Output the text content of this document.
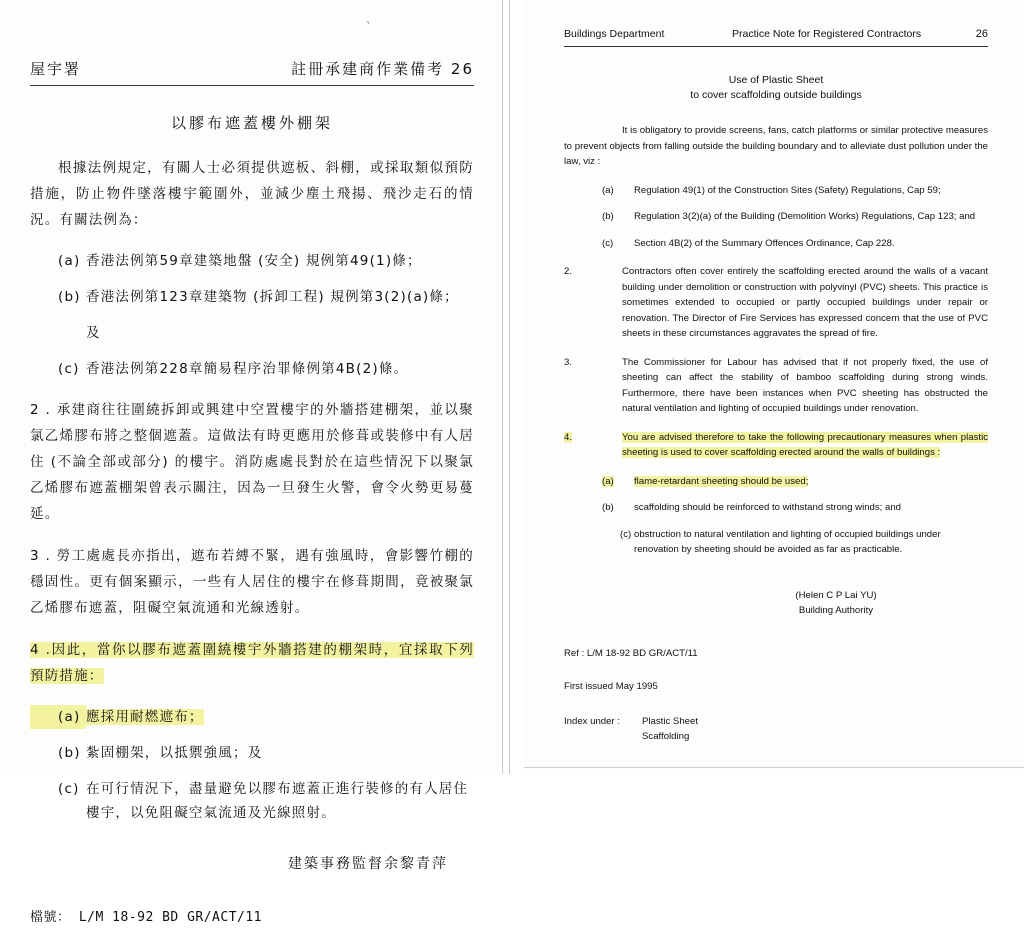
`
屋宇署	註冊承建商作業備考 26
以膠布遮蓋樓外棚架
根據法例規定，有關人士必須提供遮板、斜棚，或採取類似預防措施，防止物件墜落樓宇範圍外，並減少塵土飛揚、飛沙走石的情況。有關法例為：
(a) 香港法例第59章建築地盤 (安全) 規例第49(1)條；
(b) 香港法例第123章建築物 (拆卸工程) 規例第3(2)(a)條；
及
(c) 香港法例第228章簡易程序治罪條例第4B(2)條。
2 . 承建商往往圍繞拆卸或興建中空置樓宇的外牆搭建棚架，並以聚氯乙烯膠布將之整個遮蓋。這做法有時更應用於修葺或裝修中有人居住 (不論全部或部分) 的樓宇。消防處處長對於在這些情況下以聚氯乙烯膠布遮蓋棚架曾表示關注，因為一旦發生火警，會令火勢更易蔓延。
3 . 勞工處處長亦指出，遮布若縛不緊，遇有強風時，會影響竹棚的穩固性。更有個案顯示，一些有人居住的樓宇在修葺期間，竟被聚氯乙烯膠布遮蓋，阻礙空氣流通和光線透射。
4 .因此，當你以膠布遮蓋圍繞樓宇外牆搭建的棚架時，宜採取下列預防措施：
(a) 應採用耐燃遮布；
(b) 紮固棚架，以抵禦強風；及
(c) 在可行情況下，盡量避免以膠布遮蓋正進行裝修的有人居住樓宇，以免阻礙空氣流通及光線照射。
建築事務監督余黎青萍
檔號： L/M 18-92 BD GR/ACT/11
Buildings Department	Practice Note for Registered Contractors	26
Use of Plastic Sheet
to cover scaffolding outside buildings
It is obligatory to provide screens, fans, catch platforms or similar protective measures to prevent objects from falling outside the building boundary and to alleviate dust pollution under the law, viz :
(a)	Regulation 49(1) of the Construction Sites (Safety) Regulations, Cap 59;
(b)	Regulation 3(2)(a) of the Building (Demolition Works) Regulations, Cap 123; and
(c)	Section 4B(2) of the Summary Offences Ordinance, Cap 228.
2.	Contractors often cover entirely the scaffolding erected around the walls of a vacant building under demolition or construction with polyvinyl (PVC) sheets. This practice is sometimes extended to occupied or partly occupied buildings under repair or renovation. The Director of Fire Services has expressed concern that the use of PVC sheets in these circumstances aggravates the spread of fire.
3.	The Commissioner for Labour has advised that if not properly fixed, the use of sheeting can affect the stability of bamboo scaffolding during strong winds. Furthermore, there have been instances when PVC sheeting has obstructed the natural ventilation and lighting of occupied buildings under renovation.
4.	You are advised therefore to take the following precautionary measures when plastic sheeting is used to cover scaffolding erected around the walls of buildings :
(a)	flame-retardant sheeting should be used;
(b)	scaffolding should be reinforced to withstand strong winds; and
(c) obstruction to natural ventilation and lighting of occupied buildings under renovation by sheeting should be avoided as far as practicable.
(Helen C P Lai YU)
Building Authority
Ref : L/M 18-92 BD GR/ACT/11
First issued May 1995
Index under :	Plastic Sheet
Scaffolding
